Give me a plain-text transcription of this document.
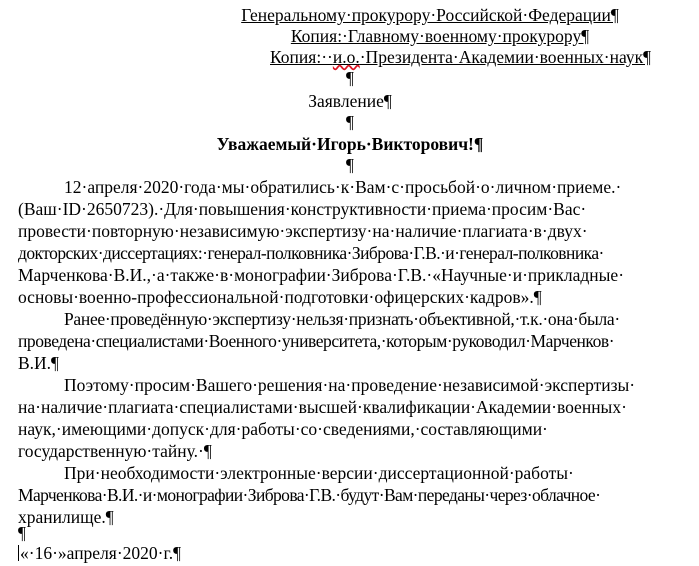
Генеральному·прокурору·Российской·Федерации¶
Копия:·Главному·военному·прокурору¶
Копия:··и.о.·Президента·Академии·военных·наук¶
¶
Заявление¶
¶
Уважаемый·Игорь·Викторович!¶
¶
12·апреля·2020·года·мы·обратились·к·Вам·с·просьбой·о·личном·приеме.·
(Ваш·ID·2650723).·Для·повышения·конструктивности·приема·просим·Вас·
провести·повторную·независимую·экспертизу·на·наличие·плагиата·в·двух·
докторских·диссертациях:·генерал-полковника·Зиброва·Г.В.·и·генерал-полковника·
Марченкова·В.И.,·а·также·в·монографии·Зиброва·Г.В.·«Научные·и·прикладные·
основы·военно-профессиональной·подготовки·офицерских·кадров».¶
Ранее·проведённую·экспертизу·нельзя·признать·объективной,·т.к.·она·была·
проведена·специалистами·Военного·университета,·которым·руководил·Марченков·
В.И.¶
Поэтому·просим·Вашего·решения·на·проведение·независимой·экспертизы·
на·наличие·плагиата·специалистами·высшей·квалификации·Академии·военных·
наук,·имеющими·допуск·для·работы·со·сведениями,·составляющими·
государственную·тайну.·¶
При·необходимости·электронные·версии·диссертационной·работы·
Марченкова·В.И.·и·монографии·Зиброва·Г.В.·будут·Вам·переданы·через·облачное·
хранилище.¶
¶
«·16·»апреля·2020·г.¶
